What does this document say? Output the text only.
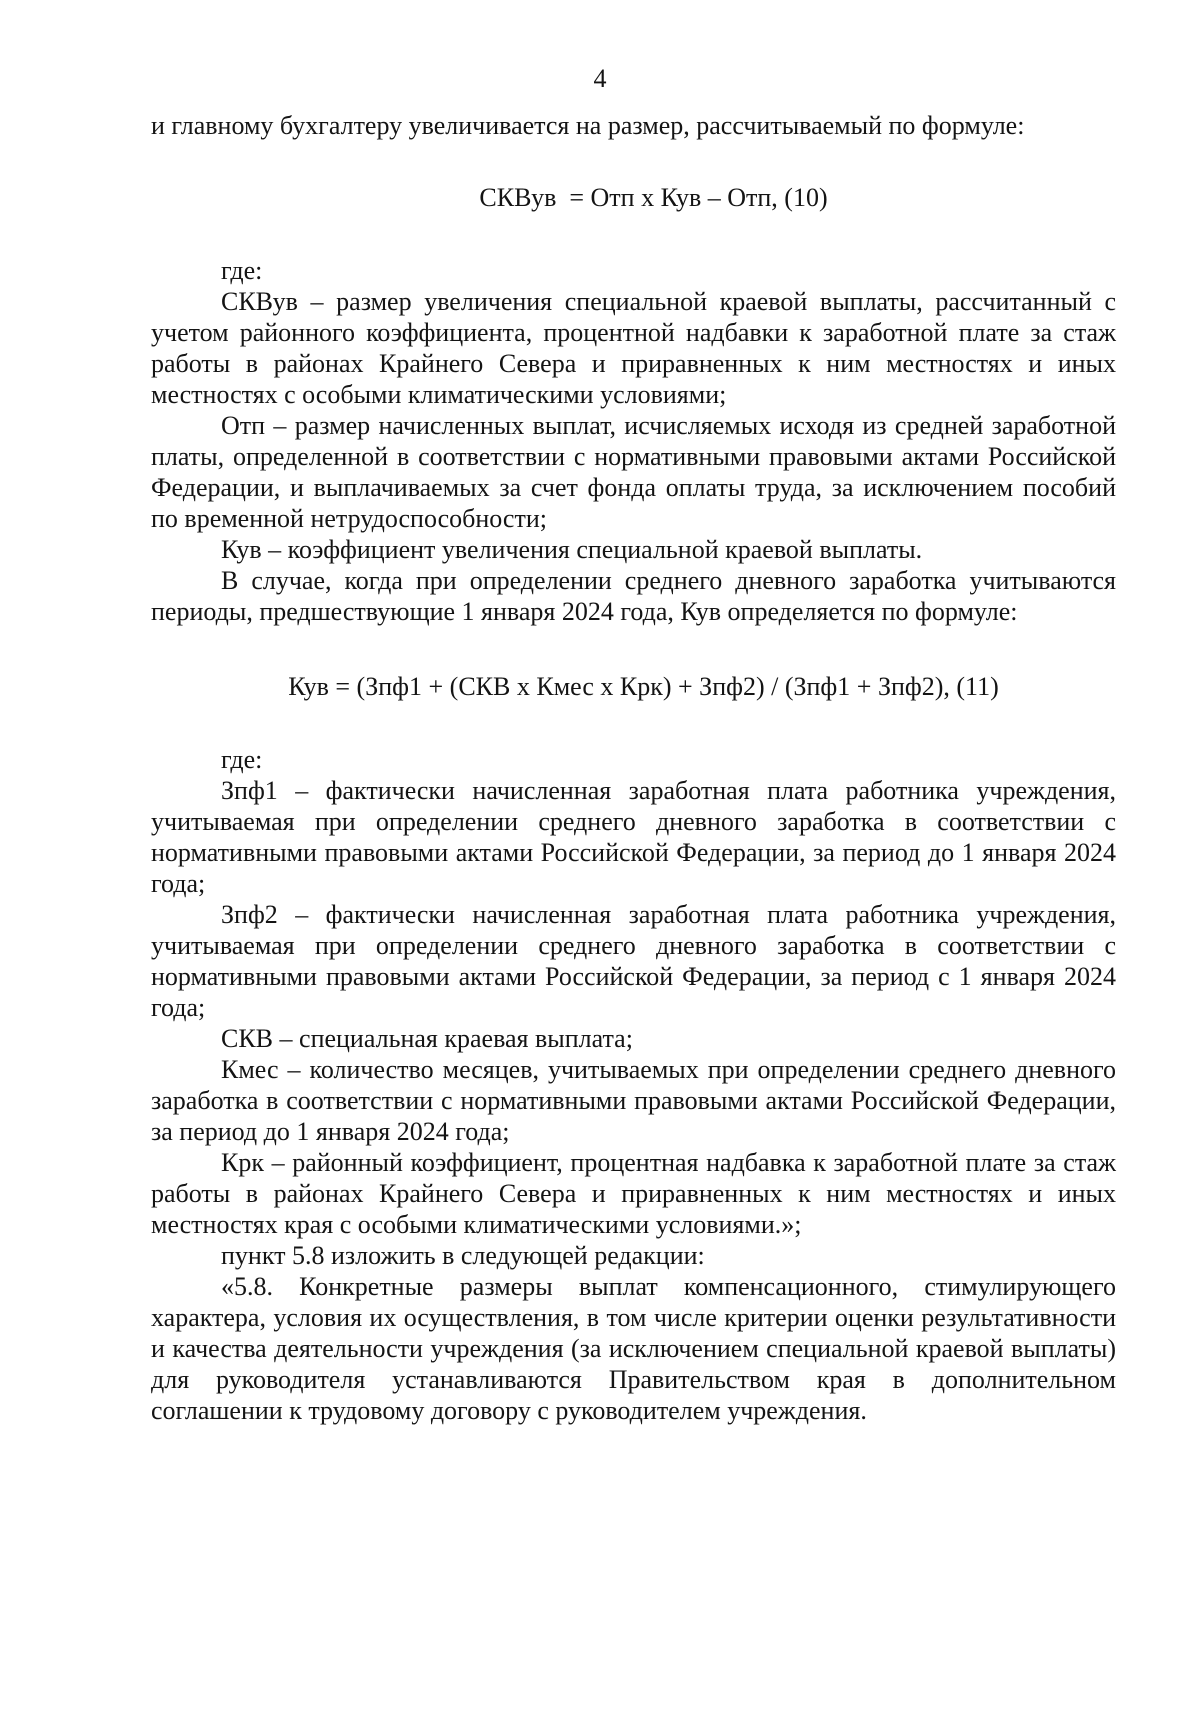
4

и главному бухгалтеру увеличивается на размер, рассчитываемый по формуле:

СКВув  = Отп х Кув – Отп, (10)

где:

СКВув – размер увеличения специальной краевой выплаты, рассчитанный с учетом районного коэффициента, процентной надбавки к заработной плате за стаж работы в районах Крайнего Севера и приравненных к ним местностях и иных местностях с особыми климатическими условиями;

Отп – размер начисленных выплат, исчисляемых исходя из средней заработной платы, определенной в соответствии с нормативными правовыми актами Российской Федерации, и выплачиваемых за счет фонда оплаты труда, за исключением пособий по временной нетрудоспособности;

Кув – коэффициент увеличения специальной краевой выплаты.

В случае, когда при определении среднего дневного заработка учитываются периоды, предшествующие 1 января 2024 года, Кув определяется по формуле:

Кув = (Зпф1 + (СКВ х Кмес х Крк) + Зпф2) / (Зпф1 + Зпф2), (11)

где:

Зпф1 – фактически начисленная заработная плата работника учреждения, учитываемая при определении среднего дневного заработка в соответствии с нормативными правовыми актами Российской Федерации, за период до 1 января 2024 года;

Зпф2 – фактически начисленная заработная плата работника учреждения, учитываемая при определении среднего дневного заработка в соответствии с нормативными правовыми актами Российской Федерации, за период с 1 января 2024 года;

СКВ – специальная краевая выплата;

Кмес – количество месяцев, учитываемых при определении среднего дневного заработка в соответствии с нормативными правовыми актами Российской Федерации, за период до 1 января 2024 года;

Крк – районный коэффициент, процентная надбавка к заработной плате за стаж работы в районах Крайнего Севера и приравненных к ним местностях и иных местностях края с особыми климатическими условиями.»;

пункт 5.8 изложить в следующей редакции:

«5.8. Конкретные размеры выплат компенсационного, стимулирующего характера, условия их осуществления, в том числе критерии оценки результативности и качества деятельности учреждения (за исключением специальной краевой выплаты) для руководителя устанавливаются Правительством края в дополнительном соглашении к трудовому договору с руководителем учреждения.
